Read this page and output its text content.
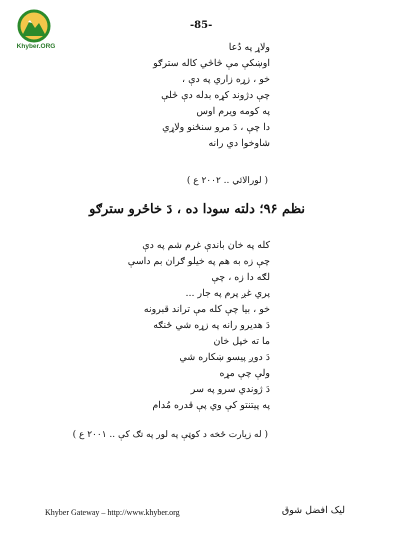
Khyber.ORG
-85-
ولاړ په دُعا
اوښکې مې څاڅي کاله سترګو
خو ، زړه زاري په دې ،
چې دژوند کړه بدله دې څلې
په کومه ويرم اوس
دا چې ، دَ مرو سنځنو ولاړي
شاوخوا دي رانه
( لورالائي .. ۲۰۰۲ ع )
نظم ۹۶؛ دلته سودا ده ، دَ خاځرو سترګو
کله په خان باندې غرم شم په دې
چې زه به هم په خيلو ګران بم داسې
لګه دا زه ، چې
پري غږ پرم په جار ...
خو ، بيا چې کله مې تراند قبرونه
دَ هديرو رانه په زړه شي ځنګه
ما ته خپل خان
دَ دوږ پيسو ښکاره شي
ولې چې مړه
دَ ژوندي سرو په سر
په پيتنتو کې وي پې قدره مُدام
( له زيارت ځخه د کوټې په لور په تګ کې .. ۲۰۰۱ ع )
Khyber Gateway – http://www.khyber.org	ليک افضل شوق
